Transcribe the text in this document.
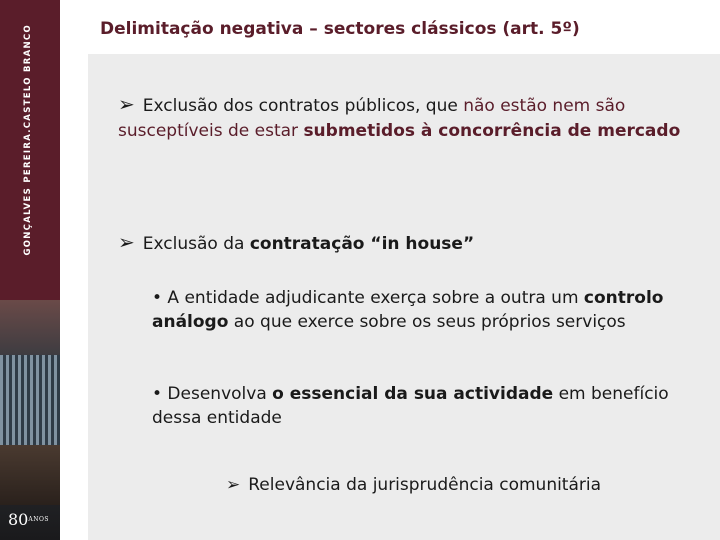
GONÇALVES PEREIRA.CASTELO BRANCO
$80^{ANOS}$
Delimitação negativa – sectores clássicos (art. 5º)

➢ Exclusão dos contratos públicos, que não estão nem são susceptíveis de estar submetidos à concorrência de mercado

➢ Exclusão da contratação “in house”

• A entidade adjudicante exerça sobre a outra um controlo análogo ao que exerce sobre os seus próprios serviços

• Desenvolva o essencial da sua actividade em benefício dessa entidade

➢ Relevância da jurisprudência comunitária
